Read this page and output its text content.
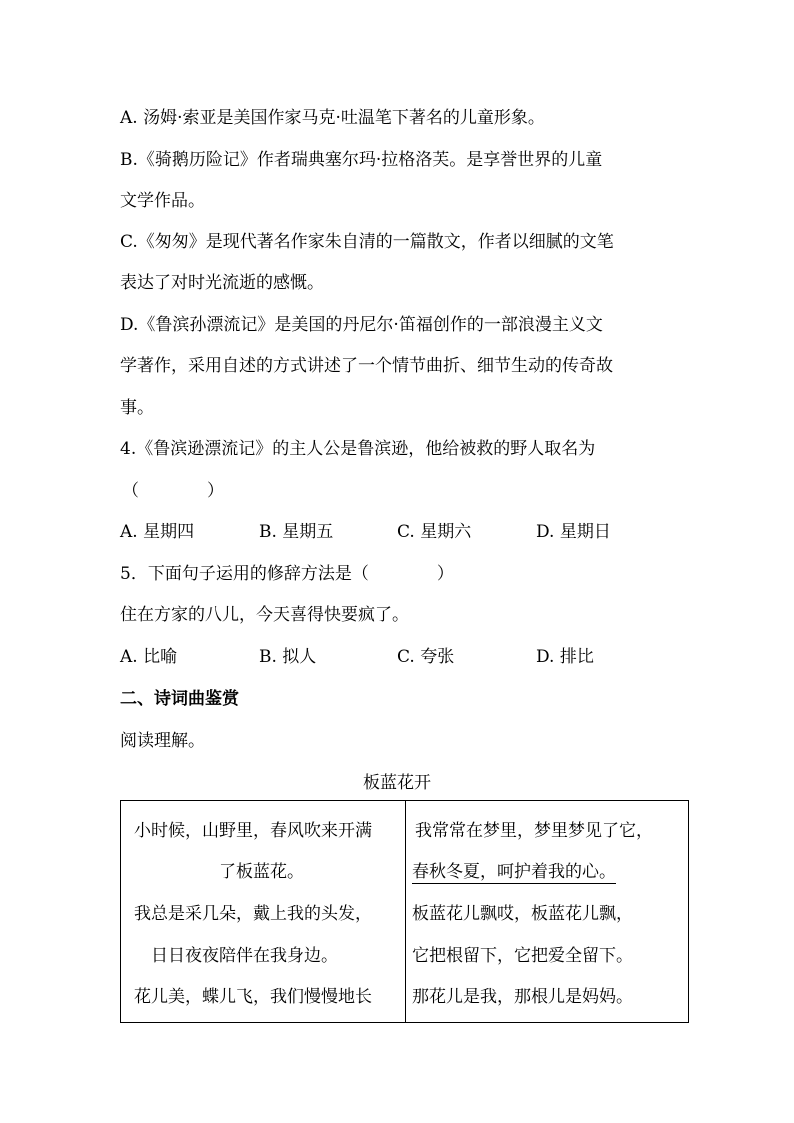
A. 汤姆·索亚是美国作家马克·吐温笔下著名的儿童形象。
B.《骑鹅历险记》作者瑞典塞尔玛·拉格洛芙。是享誉世界的儿童
文学作品。
C.《匆匆》是现代著名作家朱自清的一篇散文，作者以细腻的文笔
表达了对时光流逝的感慨。
D.《鲁滨孙漂流记》是美国的丹尼尔·笛福创作的一部浪漫主义文
学著作，采用自述的方式讲述了一个情节曲折、细节生动的传奇故
事。
4.《鲁滨逊漂流记》的主人公是鲁滨逊，他给被救的野人取名为
（　　　　）
A. 星期四	B. 星期五	C. 星期六	D. 星期日
5．下面句子运用的修辞方法是（　　　　）
住在方家的八儿，今天喜得快要疯了。
A. 比喻	B. 拟人	C. 夸张	D. 排比
二、诗词曲鉴赏
阅读理解。
板蓝花开
小时候，山野里，春风吹来开满
了板蓝花。
我总是采几朵，戴上我的头发，
日日夜夜陪伴在我身边。
花儿美，蝶儿飞，我们慢慢地长
我常常在梦里，梦里梦见了它，
春秋冬夏，呵护着我的心。
板蓝花儿飘哎，板蓝花儿飘，
它把根留下，它把爱全留下。
那花儿是我，那根儿是妈妈。
